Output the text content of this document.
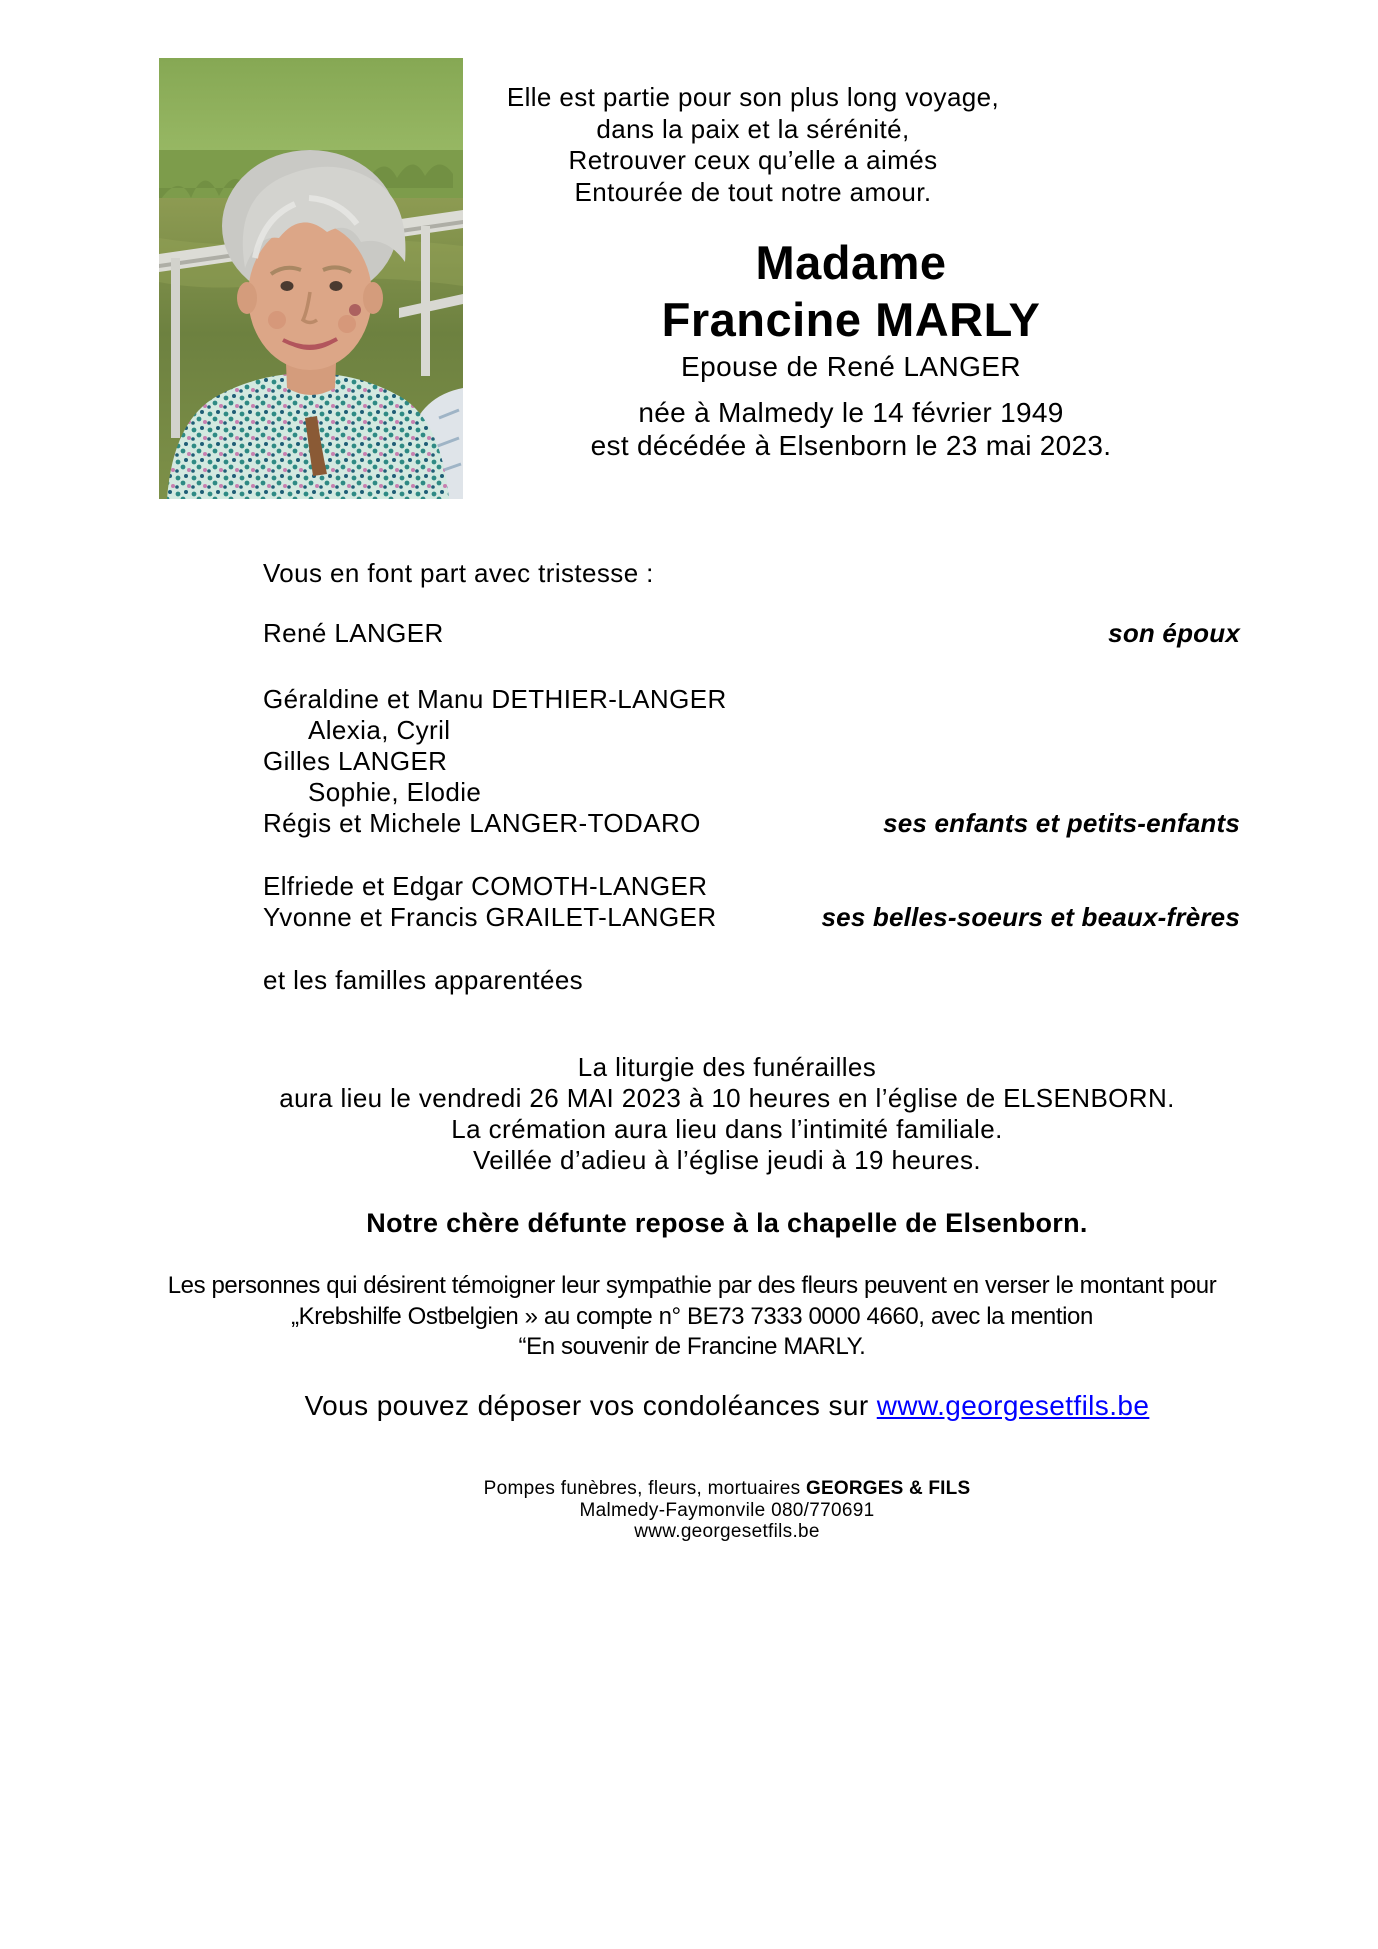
Elle est partie pour son plus long voyage,
dans la paix et la sérénité,
Retrouver ceux qu’elle a aimés
Entourée de tout notre amour.
Madame
Francine MARLY
Epouse de René LANGER
née à Malmedy le 14 février 1949
est décédée à Elsenborn le 23 mai 2023.
Vous en font part avec tristesse :
René LANGER	son époux
Géraldine et Manu DETHIER-LANGER
Alexia, Cyril
Gilles LANGER
Sophie, Elodie
Régis et Michele LANGER-TODARO	ses enfants et petits-enfants
Elfriede et Edgar COMOTH-LANGER
Yvonne et Francis GRAILET-LANGER	ses belles-soeurs et beaux-frères
et les familles apparentées
La liturgie des funérailles
aura lieu le vendredi 26 MAI 2023 à 10 heures en l’église de ELSENBORN.
La crémation aura lieu dans l’intimité familiale.
Veillée d’adieu à l’église jeudi à 19 heures.
Notre chère défunte repose à la chapelle de Elsenborn.
Les personnes qui désirent témoigner leur sympathie par des fleurs peuvent en verser le montant pour
„Krebshilfe Ostbelgien » au compte n° BE73 7333 0000 4660, avec la mention
“En souvenir de Francine MARLY.
Vous pouvez déposer vos condoléances sur www.georgesetfils.be
Pompes funèbres, fleurs, mortuaires GEORGES & FILS
Malmedy-Faymonvile 080/770691
www.georgesetfils.be
